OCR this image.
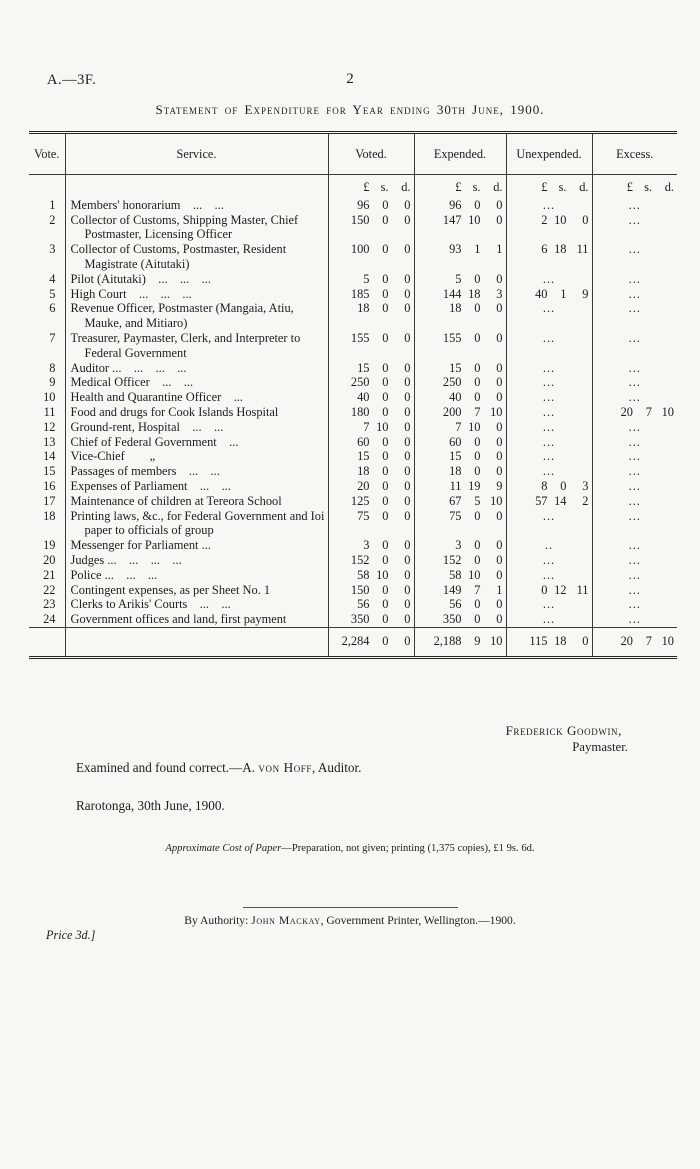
A.—3F.	2
Statement of Expenditure for Year ending 30th June, 1900.
Vote.	Service.	Voted.	Expended.	Unexpended.	Excess.

		£ s. d.	£ s. d.	£ s. d.	£ s. d.

1	Members' honorarium ... ...	96 0 0	96 0 0	...	...

2	Collector of Customs, Shipping Master, Chief Postmaster, Licensing Officer	150 0 0	147 10 0	2 10 0	...

3	Collector of Customs, Postmaster, Resident Magistrate (Aitutaki)	100 0 0	93 1 1	6 18 11	...

4	Pilot (Aitutaki) ... ... ...	5 0 0	5 0 0	...	...

5	High Court ... ... ...	185 0 0	144 18 3	40 1 9	...

6	Revenue Officer, Postmaster (Mangaia, Atiu, Mauke, and Mitiaro)	18 0 0	18 0 0	...	...

7	Treasurer, Paymaster, Clerk, and Interpreter to Federal Government	155 0 0	155 0 0	...	...

8	Auditor ... ... ... ...	15 0 0	15 0 0	...	...

9	Medical Officer ... ...	250 0 0	250 0 0	...	...

10	Health and Quarantine Officer ...	40 0 0	40 0 0	...	...

11	Food and drugs for Cook Islands Hospital	180 0 0	200 7 10	...	20 7 10

12	Ground-rent, Hospital ... ...	7 10 0	7 10 0	...	...

13	Chief of Federal Government ...	60 0 0	60 0 0	...	...

14	Vice-Chief  „	15 0 0	15 0 0	...	...

15	Passages of members ... ...	18 0 0	18 0 0	...	...

16	Expenses of Parliament ... ...	20 0 0	11 19 9	8 0 3	...

17	Maintenance of children at Tereora School	125 0 0	67 5 10	57 14 2	...

18	Printing laws, &c., for Federal Government and Ioi paper to officials of group	75 0 0	75 0 0	...	...

19	Messenger for Parliament ...	3 0 0	3 0 0	..	...

20	Judges ... ... ... ...	152 0 0	152 0 0	...	...

21	Police ... ... ...	58 10 0	58 10 0	...	...

22	Contingent expenses, as per Sheet No. 1	150 0 0	149 7 1	0 12 11	...

23	Clerks to Arikis' Courts ... ...	56 0 0	56 0 0	...	...

24	Government offices and land, first payment	350 0 0	350 0 0	...	...

		2,284 0 0	2,188 9 10	115 18 0	20 7 10
Frederick Goodwin,
Paymaster.
Examined and found correct.—A. von Hoff, Auditor.
Rarotonga, 30th June, 1900.
Approximate Cost of Paper—Preparation, not given; printing (1,375 copies), £1 9s. 6d.
By Authority: John Mackay, Government Printer, Wellington.—1900.
Price 3d.]
